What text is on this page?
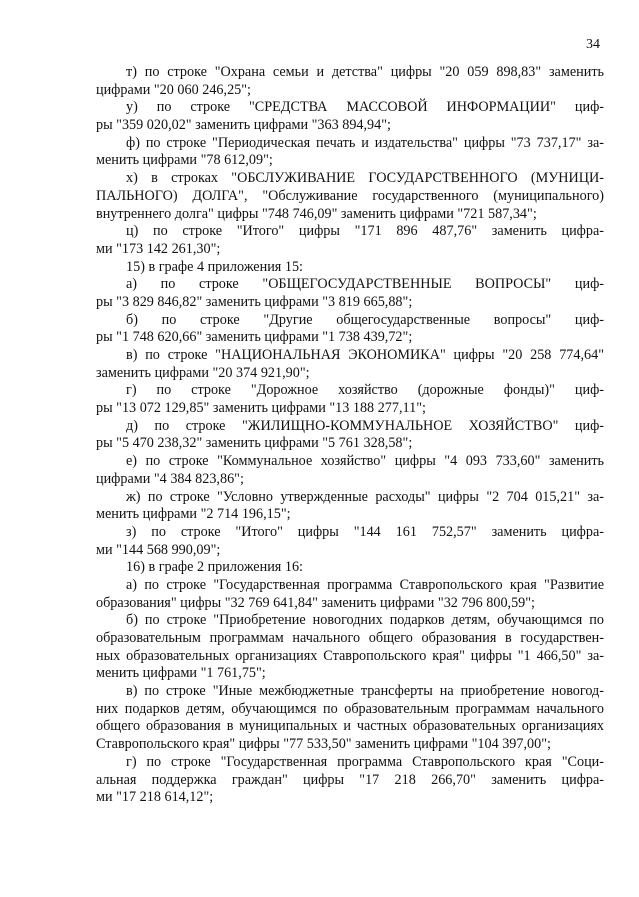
34
т) по строке "Охрана семьи и детства" цифры "20 059 898,83" заменить
цифрами "20 060 246,25";
у) по строке "СРЕДСТВА МАССОВОЙ ИНФОРМАЦИИ" циф-
ры "359 020,02" заменить цифрами "363 894,94";
ф) по строке "Периодическая печать и издательства" цифры "73 737,17" за-
менить цифрами "78 612,09";
х) в строках "ОБСЛУЖИВАНИЕ ГОСУДАРСТВЕННОГО (МУНИЦИ-
ПАЛЬНОГО) ДОЛГА", "Обслуживание государственного (муниципального)
внутреннего долга" цифры "748 746,09" заменить цифрами "721 587,34";
ц) по строке "Итого" цифры "171 896 487,76" заменить цифра-
ми "173 142 261,30";
15) в графе 4 приложения 15:
а) по строке "ОБЩЕГОСУДАРСТВЕННЫЕ ВОПРОСЫ" циф-
ры "3 829 846,82" заменить цифрами "3 819 665,88";
б) по строке "Другие общегосударственные вопросы" циф-
ры "1 748 620,66" заменить цифрами "1 738 439,72";
в) по строке "НАЦИОНАЛЬНАЯ ЭКОНОМИКА" цифры "20 258 774,64"
заменить цифрами "20 374 921,90";
г) по строке "Дорожное хозяйство (дорожные фонды)" циф-
ры "13 072 129,85" заменить цифрами "13 188 277,11";
д) по строке "ЖИЛИЩНО-КОММУНАЛЬНОЕ ХОЗЯЙСТВО" циф-
ры "5 470 238,32" заменить цифрами "5 761 328,58";
е) по строке "Коммунальное хозяйство" цифры "4 093 733,60" заменить
цифрами "4 384 823,86";
ж) по строке "Условно утвержденные расходы" цифры "2 704 015,21" за-
менить цифрами "2 714 196,15";
з) по строке "Итого" цифры "144 161 752,57" заменить цифра-
ми "144 568 990,09";
16) в графе 2 приложения 16:
а) по строке "Государственная программа Ставропольского края "Развитие
образования" цифры "32 769 641,84" заменить цифрами "32 796 800,59";
б) по строке "Приобретение новогодних подарков детям, обучающимся по
образовательным программам начального общего образования в государствен-
ных образовательных организациях Ставропольского края" цифры "1 466,50" за-
менить цифрами "1 761,75";
в) по строке "Иные межбюджетные трансферты на приобретение новогод-
них подарков детям, обучающимся по образовательным программам начального
общего образования в муниципальных и частных образовательных организациях
Ставропольского края" цифры "77 533,50" заменить цифрами "104 397,00";
г) по строке "Государственная программа Ставропольского края "Соци-
альная поддержка граждан" цифры "17 218 266,70" заменить цифра-
ми "17 218 614,12";
